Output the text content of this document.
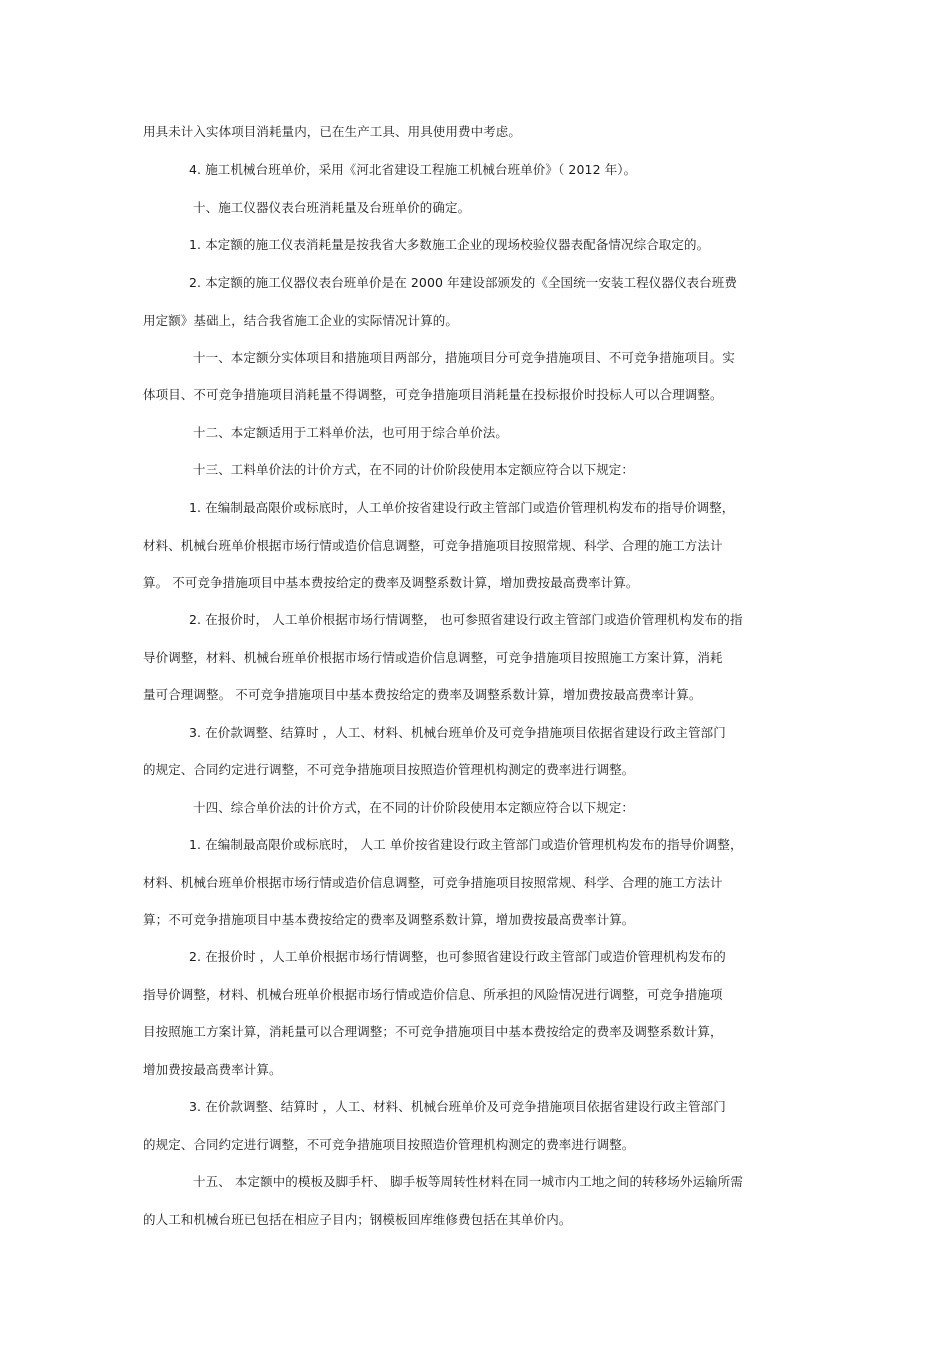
用具未计入实体项目消耗量内，已在生产工具、用具使用费中考虑。

4. 施工机械台班单价，采用《河北省建设工程施工机械台班单价》（ 2012 年）。

十、施工仪器仪表台班消耗量及台班单价的确定。

1. 本定额的施工仪表消耗量是按我省大多数施工企业的现场校验仪器表配备情况综合取定的。

2. 本定额的施工仪器仪表台班单价是在 2000 年建设部颁发的《全国统一安装工程仪器仪表台班费

用定额》基础上，结合我省施工企业的实际情况计算的。

十一、本定额分实体项目和措施项目两部分，措施项目分可竞争措施项目、不可竞争措施项目。实

体项目、不可竞争措施项目消耗量不得调整，可竞争措施项目消耗量在投标报价时投标人可以合理调整。

十二、本定额适用于工料单价法，也可用于综合单价法。

十三、工料单价法的计价方式，在不同的计价阶段使用本定额应符合以下规定：

1. 在编制最高限价或标底时，人工单价按省建设行政主管部门或造价管理机构发布的指导价调整，

材料、机械台班单价根据市场行情或造价信息调整，可竞争措施项目按照常规、科学、合理的施工方法计

算。 不可竞争措施项目中基本费按给定的费率及调整系数计算，增加费按最高费率计算。

2. 在报价时， 人工单价根据市场行情调整， 也可参照省建设行政主管部门或造价管理机构发布的指

导价调整，材料、机械台班单价根据市场行情或造价信息调整，可竞争措施项目按照施工方案计算，消耗

量可合理调整。 不可竞争措施项目中基本费按给定的费率及调整系数计算，增加费按最高费率计算。

3. 在价款调整、结算时 ，人工、材料、机械台班单价及可竞争措施项目依据省建设行政主管部门

的规定、合同约定进行调整，不可竞争措施项目按照造价管理机构测定的费率进行调整。

十四、综合单价法的计价方式，在不同的计价阶段使用本定额应符合以下规定：

1. 在编制最高限价或标底时， 人工 单价按省建设行政主管部门或造价管理机构发布的指导价调整，

材料、机械台班单价根据市场行情或造价信息调整，可竞争措施项目按照常规、科学、合理的施工方法计

算；不可竞争措施项目中基本费按给定的费率及调整系数计算，增加费按最高费率计算。

2. 在报价时 ，人工单价根据市场行情调整，也可参照省建设行政主管部门或造价管理机构发布的

指导价调整，材料、机械台班单价根据市场行情或造价信息、所承担的风险情况进行调整，可竞争措施项

目按照施工方案计算，消耗量可以合理调整；不可竞争措施项目中基本费按给定的费率及调整系数计算，

增加费按最高费率计算。

3. 在价款调整、结算时 ，人工、材料、机械台班单价及可竞争措施项目依据省建设行政主管部门

的规定、合同约定进行调整，不可竞争措施项目按照造价管理机构测定的费率进行调整。

十五、 本定额中的模板及脚手杆、 脚手板等周转性材料在同一城市内工地之间的转移场外运输所需

的人工和机械台班已包括在相应子目内；钢模板回库维修费包括在其单价内。
